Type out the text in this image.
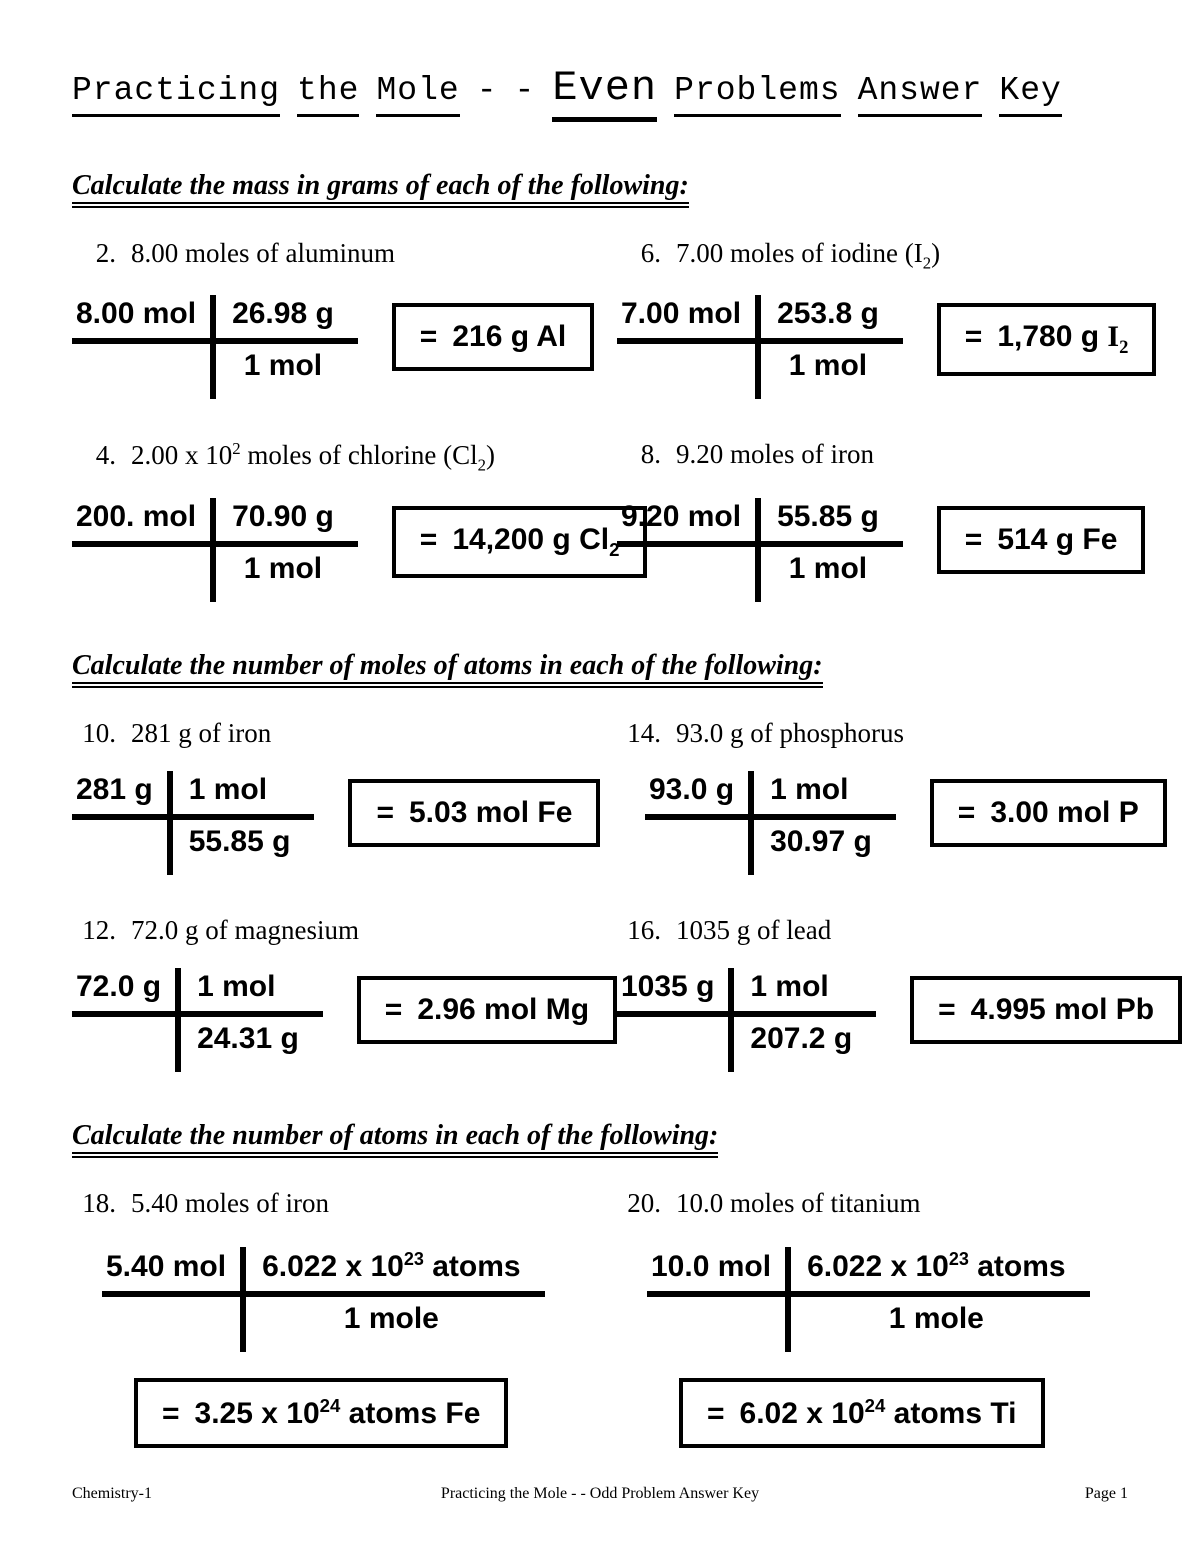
Practicing the Mole - - Even Problems Answer Key
Calculate the mass in grams of each of the following:
2. 8.00 moles of aluminum	6. 7.00 moles of iodine $(I_2)$
8.00 mol	26.98 g
1 mol
= 216 g Al
7.00 mol	253.8 g
1 mol
= 1,780 g $I_2$
4. 2.00 x $10^2$ moles of chlorine $(Cl_2)$	8. 9.20 moles of iron
200. mol	70.90 g
1 mol
= 14,200 g $Cl_2$
9.20 mol	55.85 g
1 mol
= 514 g Fe
Calculate the number of moles of atoms in each of the following:
10. 281 g of iron	14. 93.0 g of phosphorus
281 g	1 mol
55.85 g
= 5.03 mol Fe
93.0 g	1 mol
30.97 g
= 3.00 mol P
12. 72.0 g of magnesium	16. 1035 g of lead
72.0 g	1 mol
24.31 g
= 2.96 mol Mg
1035 g	1 mol
207.2 g
= 4.995 mol Pb
Calculate the number of atoms in each of the following:
18. 5.40 moles of iron	20. 10.0 moles of titanium
5.40 mol	6.022 x $10^{23}$ atoms
1 mole
10.0 mol	6.022 x $10^{23}$ atoms
1 mole
= 3.25 x $10^{24}$ atoms Fe	= 6.02 x $10^{24}$ atoms Ti
Chemistry-1	Practicing the Mole - - Odd Problem Answer Key	Page 1
